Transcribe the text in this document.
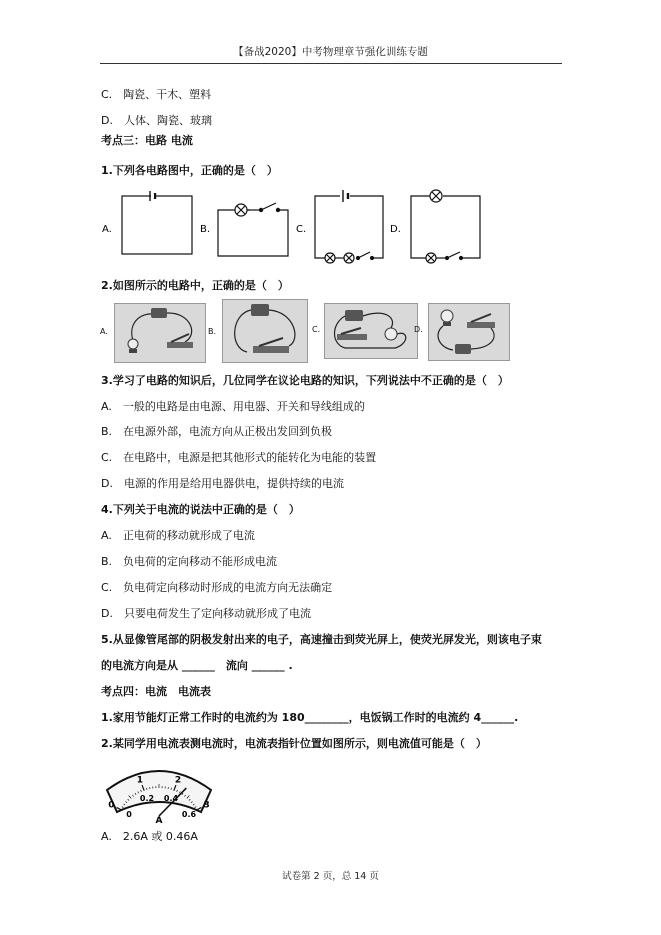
【备战2020】中考物理章节强化训练专题
C.　陶瓷、干木、塑料
D.　人体、陶瓷、玻璃
考点三：电路 电流
1.下列各电路图中，正确的是（　）
A.	B.	C.	D.
2.如图所示的电路中，正确的是（　）
A.	B.	C.	D.
3.学习了电路的知识后，几位同学在议论电路的知识，下列说法中不正确的是（　）
A.　一般的电路是由电源、用电器、开关和导线组成的
B.　在电源外部，电流方向从正极出发回到负极
C.　在电路中，电源是把其他形式的能转化为电能的装置
D.　电源的作用是给用电器供电，提供持续的电流
4.下列关于电流的说法中正确的是（　）
A.　正电荷的移动就形成了电流
B.　负电荷的定向移动不能形成电流
C.　负电荷定向移动时形成的电流方向无法确定
D.　只要电荷发生了定向移动就形成了电流
5.从显像管尾部的阴极发射出来的电子，高速撞击到荧光屏上，使荧光屏发光，则该电子束
的电流方向是从 ______　流向 ______ .
考点四：电流　电流表
1.家用节能灯正常工作时的电流约为 180________，电饭锅工作时的电流约 4______.
2.某同学用电流表测电流时，电流表指针位置如图所示，则电流值可能是（　）
0
1	2
3
0
0.2 0.4
0.6
A
A.　2.6A 或 0.46A
试卷第 2 页，总 14 页
